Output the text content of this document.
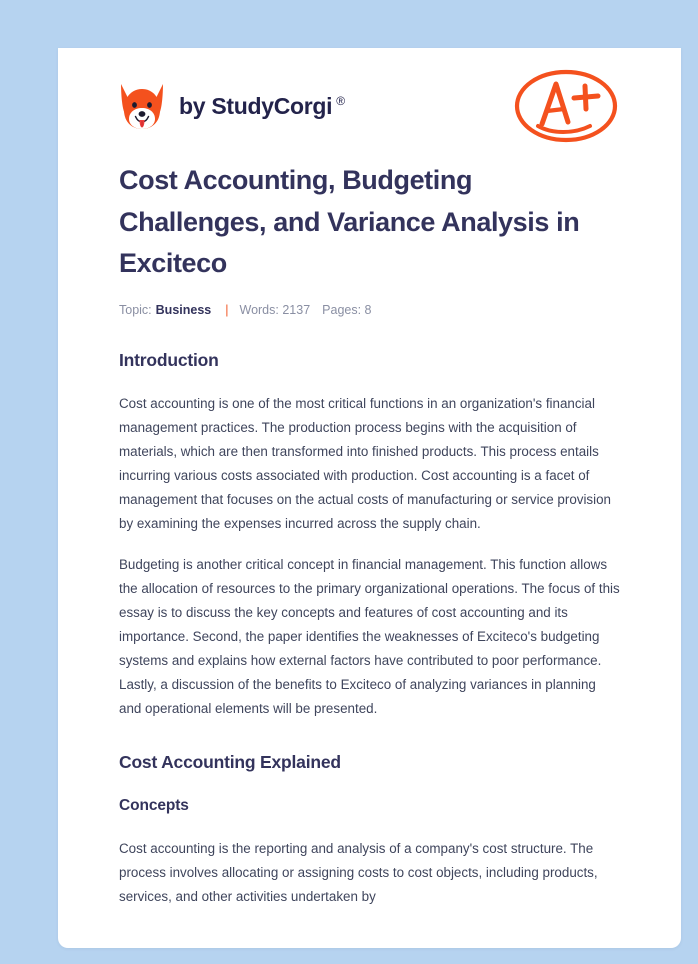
by StudyCorgi ®
Cost Accounting, Budgeting Challenges, and Variance Analysis in Exciteco
Topic: Business | Words: 2137 Pages: 8
Introduction

Cost accounting is one of the most critical functions in an organization's financial management practices. The production process begins with the acquisition of materials, which are then transformed into finished products. This process entails incurring various costs associated with production. Cost accounting is a facet of management that focuses on the actual costs of manufacturing or service provision by examining the expenses incurred across the supply chain.

Budgeting is another critical concept in financial management. This function allows the allocation of resources to the primary organizational operations. The focus of this essay is to discuss the key concepts and features of cost accounting and its importance. Second, the paper identifies the weaknesses of Exciteco's budgeting systems and explains how external factors have contributed to poor performance. Lastly, a discussion of the benefits to Exciteco of analyzing variances in planning and operational elements will be presented.

Cost Accounting Explained
Concepts

Cost accounting is the reporting and analysis of a company's cost structure. The process involves allocating or assigning costs to cost objects, including products, services, and other activities undertaken by
